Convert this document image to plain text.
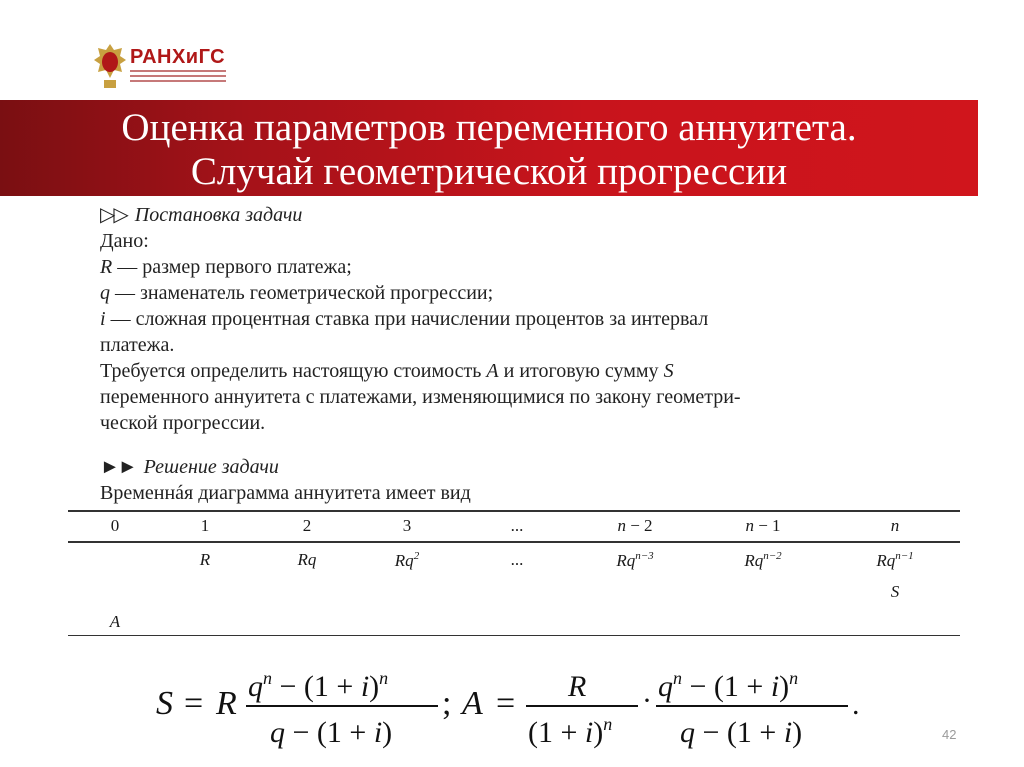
РАНХиГС
Оценка параметров переменного аннуитета.
Случай геометрической прогрессии
▷▷ Постановка задачи
Дано:
R — размер первого платежа;
q — знаменатель геометрической прогрессии;
i — сложная процентная ставка при начислении процентов за интервал
платежа.
Требуется определить настоящую стоимость A и итоговую сумму S
переменного аннуитета с платежами, изменяющимися по закону геометри-
ческой прогрессии.
►► Решение задачи
Временнáя диаграмма аннуитета имеет вид
0	1
R
2
Rq
3
Rq$^2$
...
...
n − 2
$Rq^{n-3}$
n − 1
$Rq^{n-2}$
n
$Rq^{n-1}$
S
A
S = R $q^n - (1 + i)^n$
q − (1 + i)
; A = R
$(1 + i)^n$
· $q^n - (1 + i)^n$
q − (1 + i)
.
42
